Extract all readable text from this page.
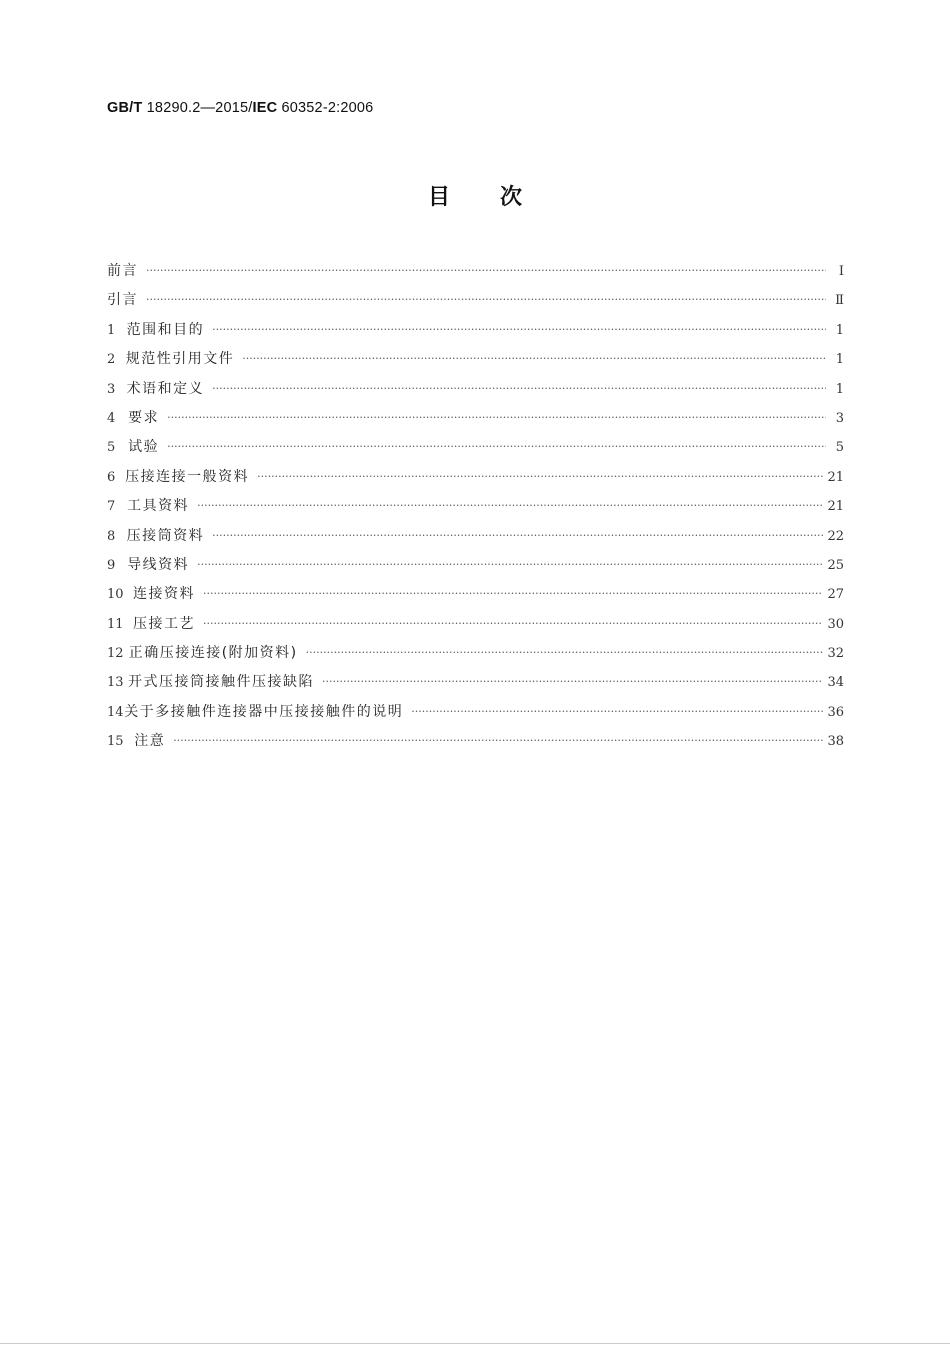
GB/T 18290.2—2015/IEC 60352-2:2006
目次
前言 ·····	Ⅰ
引言 ·····	Ⅱ
1 范围和目的 ·····	1
2 规范性引用文件 ·····	1
3 术语和定义 ·····	1
4 要求 ·····	3
5 试验 ·····	5
6 压接连接一般资料 ·····	21
7 工具资料 ·····	21
8 压接筒资料 ·····	22
9 导线资料 ·····	25
10 连接资料 ·····	27
11 压接工艺 ·····	30
12 正确压接连接(附加资料) ·····	32
13 开式压接筒接触件压接缺陷 ·····	34
14 关于多接触件连接器中压接接触件的说明 ·····	36
15 注意 ·····	38
